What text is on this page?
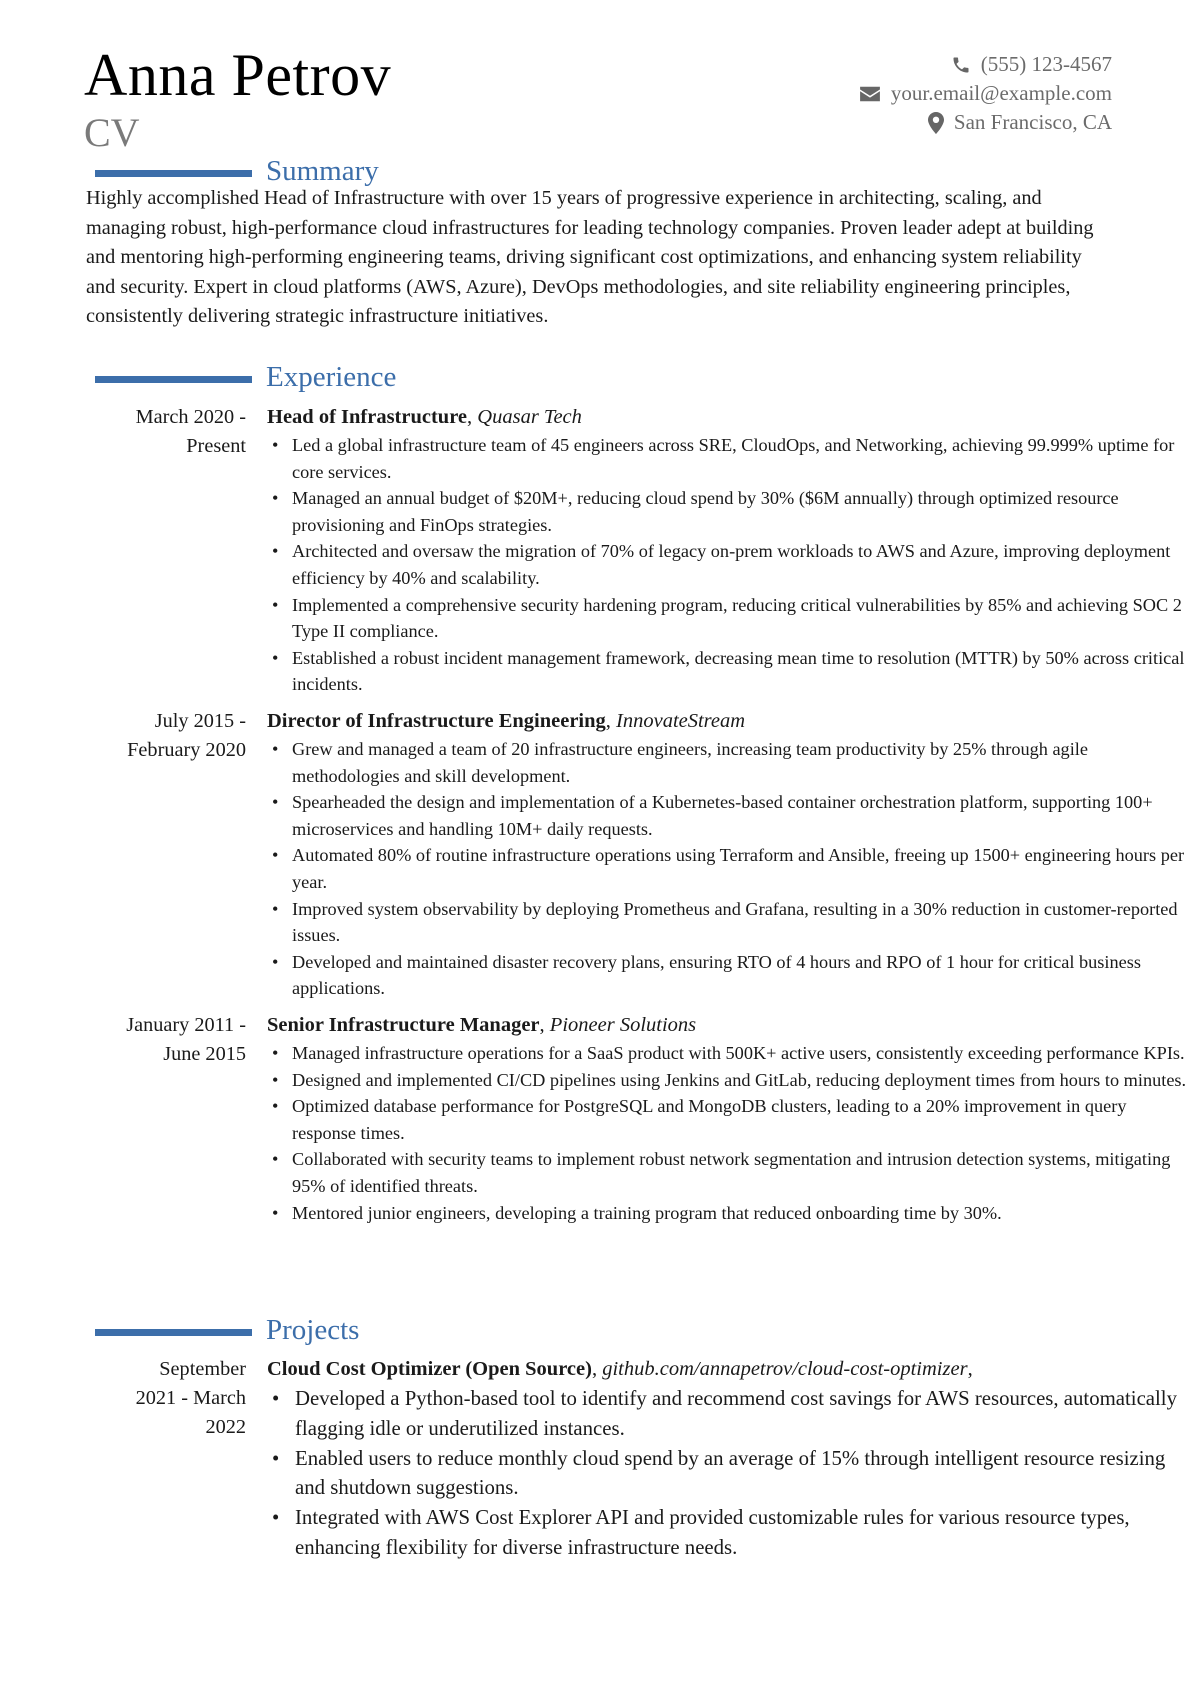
Anna Petrov
CV
(555) 123-4567
your.email@example.com
San Francisco, CA
Summary
Highly accomplished Head of Infrastructure with over 15 years of progressive experience in architecting, scaling, and managing robust, high-performance cloud infrastructures for leading technology companies. Proven leader adept at building and mentoring high-performing engineering teams, driving significant cost optimizations, and enhancing system reliability and security. Expert in cloud platforms (AWS, Azure), DevOps methodologies, and site reliability engineering principles, consistently delivering strategic infrastructure initiatives.
Experience
March 2020 -
Present
Head of Infrastructure, Quasar Tech
• Led a global infrastructure team of 45 engineers across SRE, CloudOps, and Networking, achieving 99.999% uptime for core services.
• Managed an annual budget of $20M+, reducing cloud spend by 30% ($6M annually) through optimized resource provisioning and FinOps strategies.
• Architected and oversaw the migration of 70% of legacy on-prem workloads to AWS and Azure, improving deployment efficiency by 40% and scalability.
• Implemented a comprehensive security hardening program, reducing critical vulnerabilities by 85% and achieving SOC 2 Type II compliance.
• Established a robust incident management framework, decreasing mean time to resolution (MTTR) by 50% across critical incidents.
July 2015 -
February 2020
Director of Infrastructure Engineering, InnovateStream
• Grew and managed a team of 20 infrastructure engineers, increasing team productivity by 25% through agile methodologies and skill development.
• Spearheaded the design and implementation of a Kubernetes-based container orchestration platform, supporting 100+ microservices and handling 10M+ daily requests.
• Automated 80% of routine infrastructure operations using Terraform and Ansible, freeing up 1500+ engineering hours per year.
• Improved system observability by deploying Prometheus and Grafana, resulting in a 30% reduction in customer-reported issues.
• Developed and maintained disaster recovery plans, ensuring RTO of 4 hours and RPO of 1 hour for critical business applications.
January 2011 -
June 2015
Senior Infrastructure Manager, Pioneer Solutions
• Managed infrastructure operations for a SaaS product with 500K+ active users, consistently exceeding performance KPIs.
• Designed and implemented CI/CD pipelines using Jenkins and GitLab, reducing deployment times from hours to minutes.
• Optimized database performance for PostgreSQL and MongoDB clusters, leading to a 20% improvement in query response times.
• Collaborated with security teams to implement robust network segmentation and intrusion detection systems, mitigating 95% of identified threats.
• Mentored junior engineers, developing a training program that reduced onboarding time by 30%.
Projects
September
2021 - March
2022
Cloud Cost Optimizer (Open Source), github.com/annapetrov/cloud-cost-optimizer,
• Developed a Python-based tool to identify and recommend cost savings for AWS resources, automatically flagging idle or underutilized instances.
• Enabled users to reduce monthly cloud spend by an average of 15% through intelligent resource resizing and shutdown suggestions.
• Integrated with AWS Cost Explorer API and provided customizable rules for various resource types, enhancing flexibility for diverse infrastructure needs.
